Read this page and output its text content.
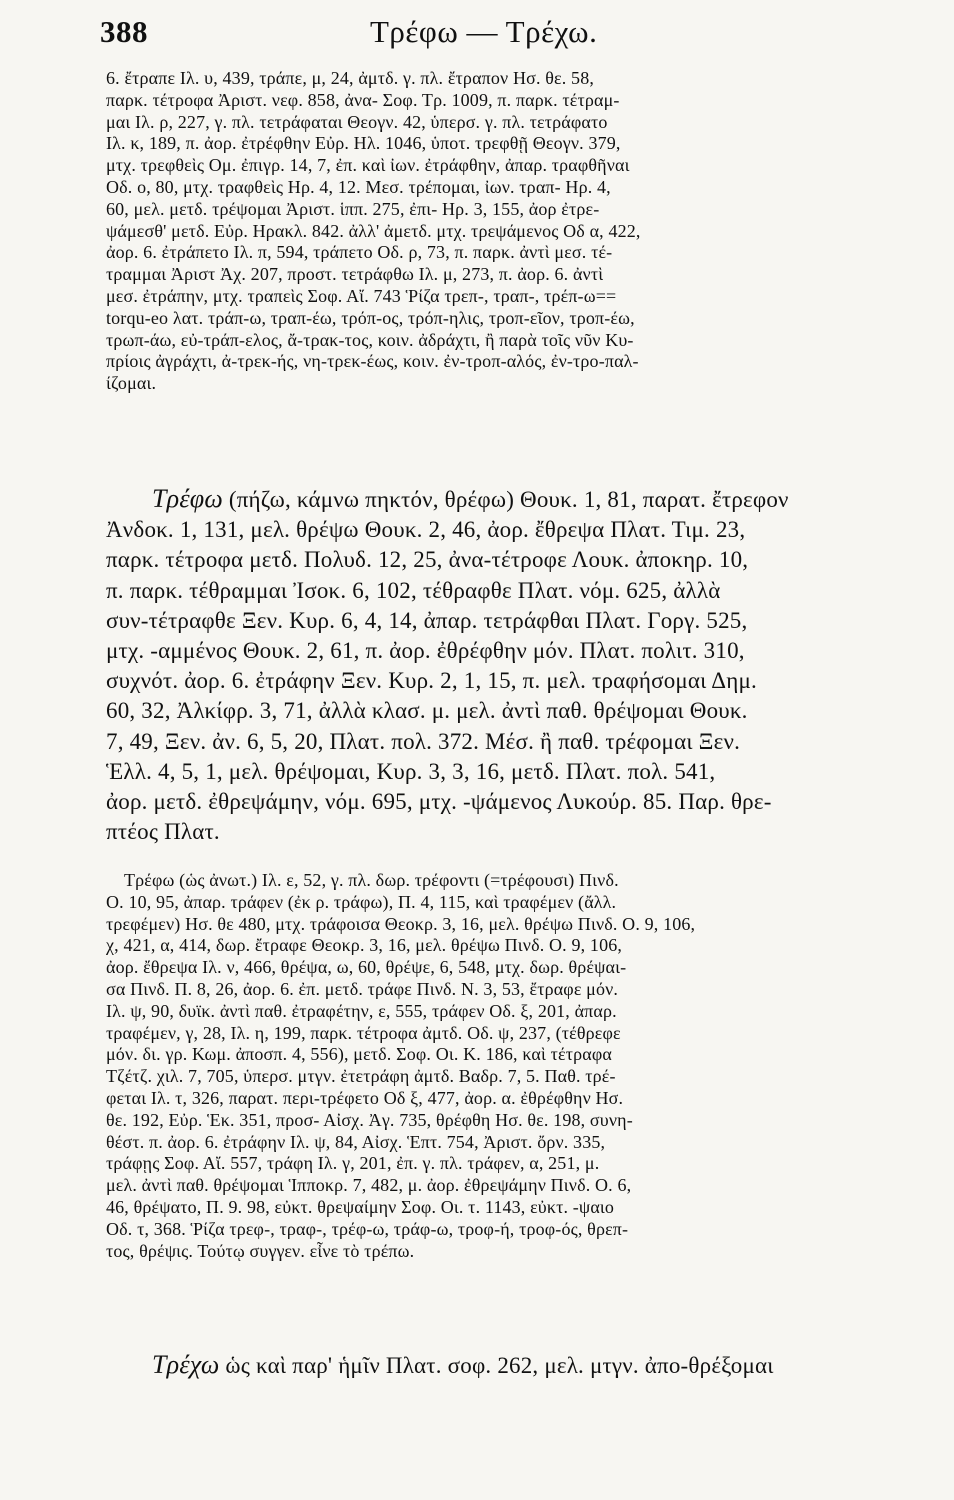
388	Τρέφω — Τρέχω.
6. ἔτραπε Ιλ. υ, 439, τράπε, μ, 24, ἀμτδ. γ. πλ. ἔτραπον Ησ. θε. 58,
παρκ. τέτροφα Ἀριστ. νεφ. 858, ἀνα- Σοφ. Τρ. 1009, π. παρκ. τέτραμ-
μαι Ιλ. ρ, 227, γ. πλ. τετράφαται Θεογν. 42, ὑπερσ. γ. πλ. τετράφατο
Ιλ. κ, 189, π. ἀορ. ἐτρέφθην Εὐρ. Ηλ. 1046, ὑποτ. τρεφθῇ Θεογν. 379,
μτχ. τρεφθεὶς Ομ. ἐπιγρ. 14, 7, ἐπ. καὶ ἰων. ἐτράφθην, ἀπαρ. τραφθῆναι
Οδ. ο, 80, μτχ. τραφθεὶς Ηρ. 4, 12. Μεσ. τρέπομαι, ἰων. τραπ- Ηρ. 4,
60, μελ. μετδ. τρέψομαι Ἀριστ. ἱππ. 275, ἐπι- Ηρ. 3, 155, ἀορ ἐτρε-
ψάμεσθ' μετδ. Εὐρ. Ηρακλ. 842. ἀλλ' ἀμετδ. μτχ. τρεψάμενος Οδ α, 422,
ἀορ. 6. ἐτράπετο Ιλ. π, 594, τράπετο Οδ. ρ, 73, π. παρκ. ἀντὶ μεσ. τέ-
τραμμαι Ἀριστ Ἀχ. 207, προστ. τετράφθω Ιλ. μ, 273, π. ἀορ. 6. ἀντὶ
μεσ. ἐτράπην, μτχ. τραπεὶς Σοφ. Αἴ. 743 Ῥίζα τρεπ-, τραπ-, τρέπ-ω==
torqu-eo λατ. τράπ-ω, τραπ-έω, τρόπ-ος, τρόπ-ηλις, τροπ-εῖον, τροπ-έω,
τρωπ-άω, εὐ-τράπ-ελος, ἄ-τρακ-τος, κοιν. ἀδράχτι, ἢ παρὰ τοῖς νῦν Κυ-
πρίοις ἀγράχτι, ἀ-τρεκ-ής, νη-τρεκ-έως, κοιν. ἐν-τροπ-αλός, ἐν-τρο-παλ-
ίζομαι.
Τρέφω (πήζω, κάμνω πηκτόν, θρέφω) Θουκ. 1, 81, παρατ. ἔτρεφον
Ἀνδοκ. 1, 131, μελ. θρέψω Θουκ. 2, 46, ἀορ. ἔθρεψα Πλατ. Τιμ. 23,
παρκ. τέτροφα μετδ. Πολυδ. 12, 25, ἀνα-τέτροφε Λουκ. ἀποκηρ. 10,
π. παρκ. τέθραμμαι Ἰσοκ. 6, 102, τέθραφθε Πλατ. νόμ. 625, ἀλλὰ
συν-τέτραφθε Ξεν. Κυρ. 6, 4, 14, ἀπαρ. τετράφθαι Πλατ. Γοργ. 525,
μτχ. -αμμένος Θουκ. 2, 61, π. ἀορ. ἐθρέφθην μόν. Πλατ. πολιτ. 310,
συχνότ. ἀορ. 6. ἐτράφην Ξεν. Κυρ. 2, 1, 15, π. μελ. τραφήσομαι Δημ.
60, 32, Ἀλκίφρ. 3, 71, ἀλλὰ κλασ. μ. μελ. ἀντὶ παθ. θρέψομαι Θουκ.
7, 49, Ξεν. ἀν. 6, 5, 20, Πλατ. πολ. 372. Μέσ. ἢ παθ. τρέφομαι Ξεν.
Ἑλλ. 4, 5, 1, μελ. θρέψομαι, Κυρ. 3, 3, 16, μετδ. Πλατ. πολ. 541,
ἀορ. μετδ. ἐθρεψάμην, νόμ. 695, μτχ. -ψάμενος Λυκούρ. 85. Παρ. θρε-
πτέος Πλατ.
Τρέφω (ὡς ἀνωτ.) Ιλ. ε, 52, γ. πλ. δωρ. τρέφοντι (=τρέφουσι) Πινδ.
Ο. 10, 95, ἀπαρ. τράφεν (ἐκ ρ. τράφω), Π. 4, 115, καὶ τραφέμεν (ἄλλ.
τρεφέμεν) Ησ. θε 480, μτχ. τράφοισα Θεοκρ. 3, 16, μελ. θρέψω Πινδ. Ο. 9, 106,
χ, 421, α, 414, δωρ. ἔτραφε Θεοκρ. 3, 16, μελ. θρέψω Πινδ. Ο. 9, 106,
ἀορ. ἔθρεψα Ιλ. ν, 466, θρέψα, ω, 60, θρέψε, 6, 548, μτχ. δωρ. θρέψαι-
σα Πινδ. Π. 8, 26, ἀορ. 6. ἐπ. μετδ. τράφε Πινδ. Ν. 3, 53, ἔτραφε μόν.
Ιλ. ψ, 90, δυϊκ. ἀντὶ παθ. ἐτραφέτην, ε, 555, τράφεν Οδ. ξ, 201, ἀπαρ.
τραφέμεν, γ, 28, Ιλ. η, 199, παρκ. τέτροφα ἀμτδ. Οδ. ψ, 237, (τέθρεφε
μόν. δι. γρ. Κωμ. ἀποσπ. 4, 556), μετδ. Σοφ. Οι. Κ. 186, καὶ τέτραφα
Τζέτζ. χιλ. 7, 705, ὑπερσ. μτγν. ἐτετράφη ἀμτδ. Βαδρ. 7, 5. Παθ. τρέ-
φεται Ιλ. τ, 326, παρατ. περι-τρέφετο Οδ ξ, 477, ἀορ. α. ἐθρέφθην Ησ.
θε. 192, Εὐρ. Ἑκ. 351, προσ- Αἰσχ. Ἀγ. 735, θρέφθη Ησ. θε. 198, συνη-
θέστ. π. ἀορ. 6. ἐτράφην Ιλ. ψ, 84, Αἰσχ. Ἑπτ. 754, Ἀριστ. ὄρν. 335,
τράφῃς Σοφ. Αἴ. 557, τράφη Ιλ. γ, 201, ἐπ. γ. πλ. τράφεν, α, 251, μ.
μελ. ἀντὶ παθ. θρέψομαι Ἱπποκρ. 7, 482, μ. ἀορ. ἐθρεψάμην Πινδ. Ο. 6,
46, θρέψατο, Π. 9. 98, εὐκτ. θρεψαίμην Σοφ. Οι. τ. 1143, εὐκτ. -ψαιο
Οδ. τ, 368. Ῥίζα τρεφ-, τραφ-, τρέφ-ω, τράφ-ω, τροφ-ή, τροφ-ός, θρεπ-
τος, θρέψις. Τούτῳ συγγεν. εἶνε τὸ τρέπω.
Τρέχω ὡς καὶ παρ' ἡμῖν Πλατ. σοφ. 262, μελ. μτγν. ἀπο-θρέξομαι
